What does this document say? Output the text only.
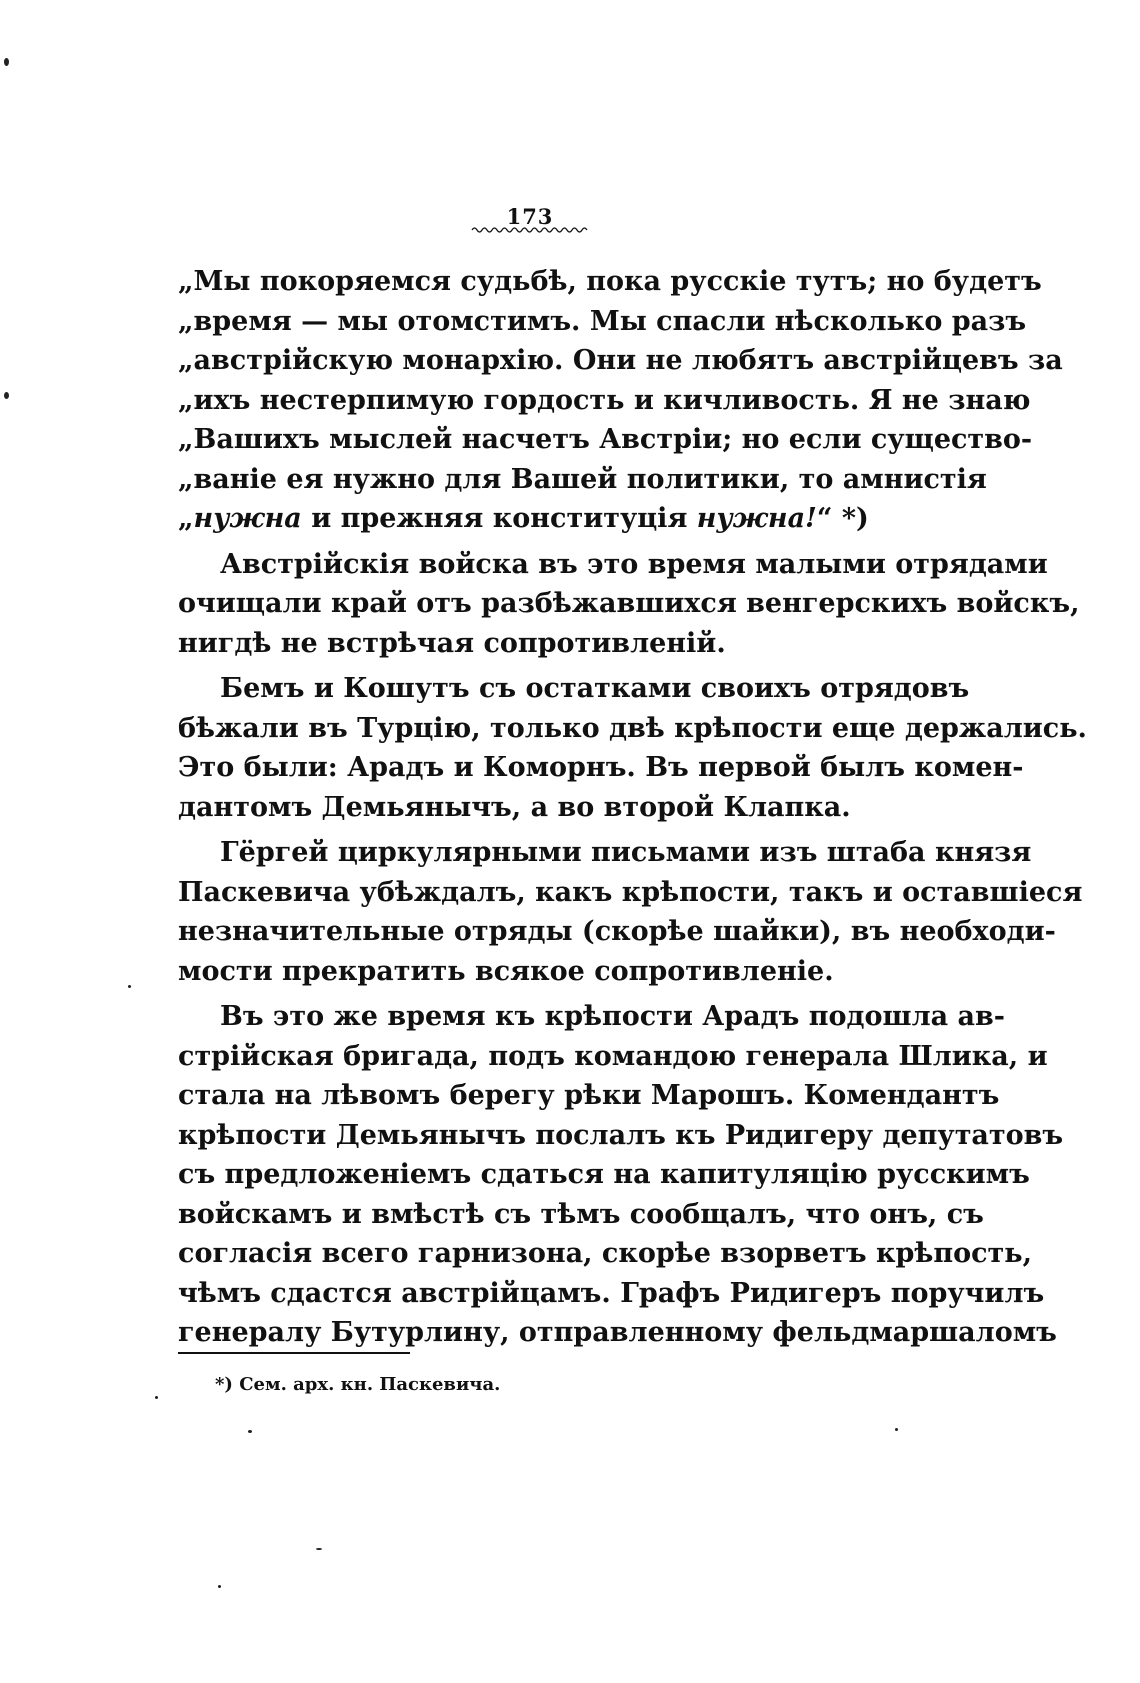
173
„Мы покоряемся судьбѣ, пока русскіе тутъ; но будетъ
„время — мы отомстимъ. Мы спасли нѣсколько разъ
„австрійскую монархію. Они не любятъ австрійцевъ за
„ихъ нестерпимую гордость и кичливость. Я не знаю
„Вашихъ мыслей насчетъ Австріи; но если существо-
„ваніе ея нужно для Вашей политики, то амнистія
„нужна и прежняя конституція нужна!“ *)
Австрійскія войска въ это время малыми отрядами
очищали край отъ разбѣжавшихся венгерскихъ войскъ,
нигдѣ не встрѣчая сопротивленій.
Бемъ и Кошутъ съ остатками своихъ отрядовъ
бѣжали въ Турцію, только двѣ крѣпости еще держались.
Это были: Арадъ и Коморнъ. Въ первой былъ комен-
дантомъ Демьянычъ, а во второй Клапка.
Гёргей циркулярными письмами изъ штаба князя
Паскевича убѣждалъ, какъ крѣпости, такъ и оставшіеся
незначительные отряды (скорѣе шайки), въ необходи-
мости прекратить всякое сопротивленіе.
Въ это же время къ крѣпости Арадъ подошла ав-
стрійская бригада, подъ командою генерала Шлика, и
стала на лѣвомъ берегу рѣки Марошъ. Комендантъ
крѣпости Демьянычъ послалъ къ Ридигеру депутатовъ
съ предложеніемъ сдаться на капитуляцію русскимъ
войскамъ и вмѣстѣ съ тѣмъ сообщалъ, что онъ, съ
согласія всего гарнизона, скорѣе взорветъ крѣпость,
чѣмъ сдастся австрійцамъ. Графъ Ридигеръ поручилъ
генералу Бутурлину, отправленному фельдмаршаломъ
*) Сем. арх. кн. Паскевича.
